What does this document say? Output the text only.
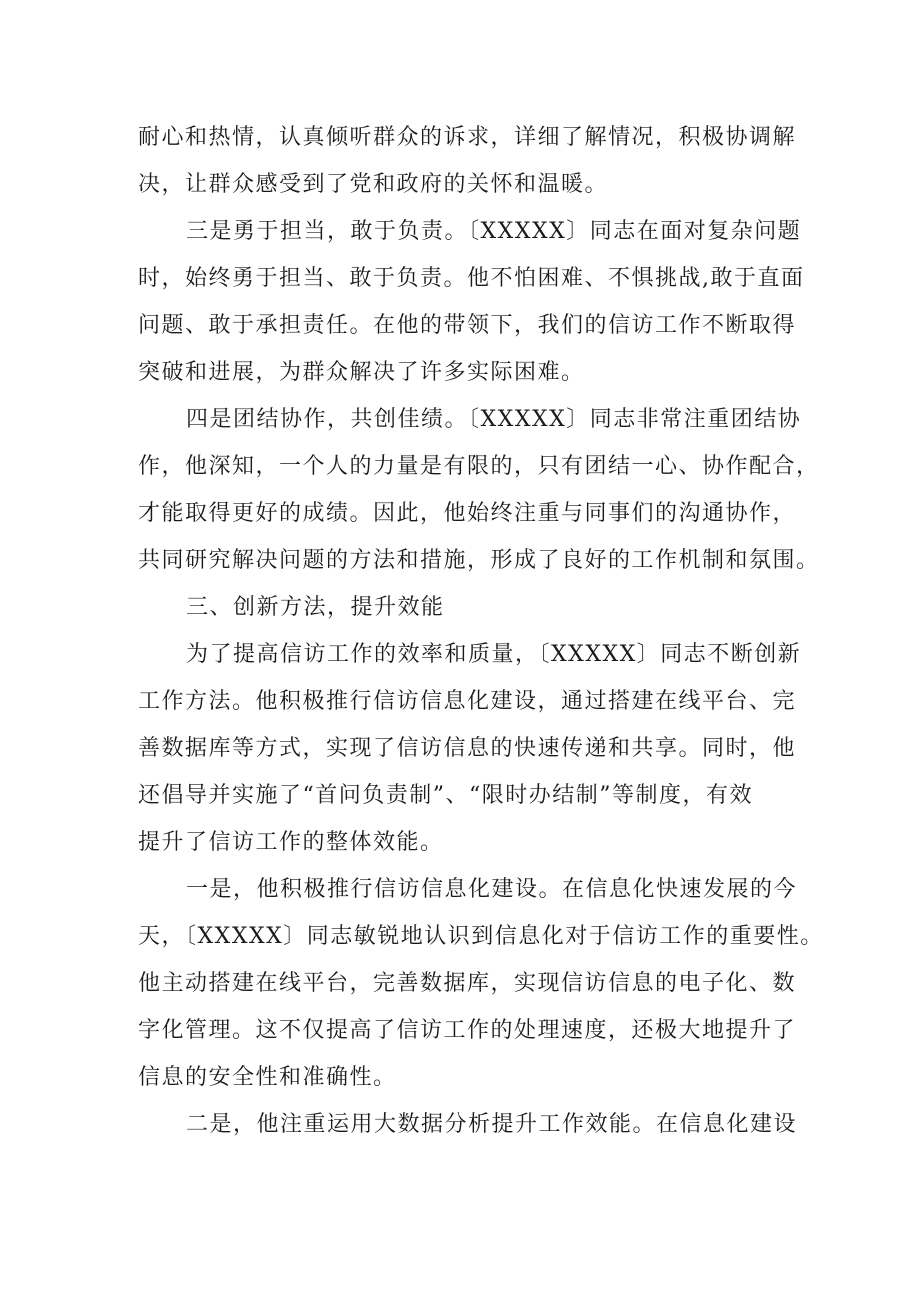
耐心和热情，认真倾听群众的诉求，详细了解情况，积极协调解
决，让群众感受到了党和政府的关怀和温暖。
三是勇于担当，敢于负责。〔XXXXX〕同志在面对复杂问题
时，始终勇于担当、敢于负责。他不怕困难、不惧挑战,敢于直面
问题、敢于承担责任。在他的带领下，我们的信访工作不断取得
突破和进展，为群众解决了许多实际困难。
四是团结协作，共创佳绩。〔XXXXX〕同志非常注重团结协
作，他深知，一个人的力量是有限的，只有团结一心、协作配合，
才能取得更好的成绩。因此，他始终注重与同事们的沟通协作，
共同研究解决问题的方法和措施，形成了良好的工作机制和氛围。
三、创新方法，提升效能
为了提高信访工作的效率和质量，〔XXXXX〕同志不断创新
工作方法。他积极推行信访信息化建设，通过搭建在线平台、完
善数据库等方式，实现了信访信息的快速传递和共享。同时，他
还倡导并实施了“首问负责制”、“限时办结制”等制度，有效
提升了信访工作的整体效能。
一是，他积极推行信访信息化建设。在信息化快速发展的今
天，〔XXXXX〕同志敏锐地认识到信息化对于信访工作的重要性。
他主动搭建在线平台，完善数据库，实现信访信息的电子化、数
字化管理。这不仅提高了信访工作的处理速度，还极大地提升了
信息的安全性和准确性。
二是，他注重运用大数据分析提升工作效能。在信息化建设
